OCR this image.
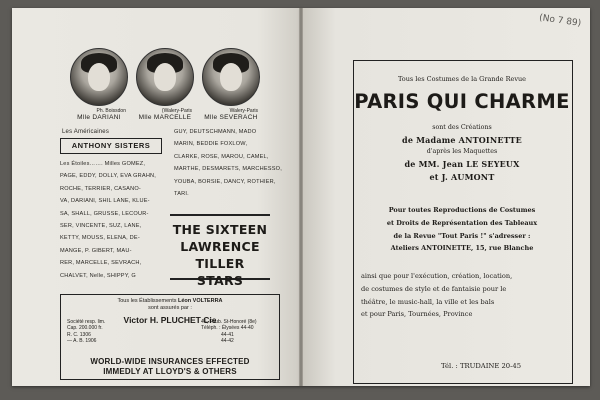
Ph. Boissdon
Mlle DARIANI
(Walery-Paris
Mlle MARCELLE
Walery-Paris
Mlle SEVERACH
Les Américaines
ANTHONY SISTERS
Les Étoiles……. Milles GOMEZ,
PAGE, EDDY, DOLLY, EVA GRAHN,
ROCHE, TERRIER, CASANO-
VA, DARIANI, SHIL LANE, KLUE-
SA, SHALL, GRUSSE, LECOUR-
SER, VINCENTE, SUZ, LANE,
KETTY, MOUSS, ELENA, DE-
MANGE, P. GIBERT, MAU-
RER, MARCELLE, SEVRACH,
CHALVET, Nelle, SHIPPY, G
GUY, DEUTSCHMANN, MADO
MARIN, BEDDIE FOXLOW,
CLARKE, ROSE, MAROU, CAMEL,
MARTHE, DESMARETS, MARCHESSO,
YOUBA, BORSIE, DANCY, ROTHIER,
TARI.
THE SIXTEEN
LAWRENCE
TILLER STARS
Tous les Établissements Léon VOLTERRA
sont assurés par :
Victor H. PLUCHET Cie
Société resp. lim.
Cap. 200.000 fr.
R. C. 1306
— A. B. 1906
45, Faub. St-Honoré (8e)
Téléph. : Élysées 44-40
44-41
44-42
WORLD-WIDE INSURANCES EFFECTED
IMMEDLY AT LLOYD'S & OTHERS
(No 7 89)
Tous les Costumes de la Grande Revue
PARIS QUI CHARME
sont des Créations
de Madame ANTOINETTE
d'après les Maquettes
de MM. Jean LE SEYEUX
et J. AUMONT
Pour toutes Reproductions de Costumes
et Droits de Représentation des Tableaux
de la Revue "Tout Paris !" s'adresser :
Ateliers ANTOINETTE, 15, rue Blanche
ainsi que pour l'exécution, création, location,
de costumes de style et de fantaisie pour le
théâtre, le music-hall, la ville et les bals
et pour Paris, Tournées, Province
Tél. : TRUDAINE 20-45
